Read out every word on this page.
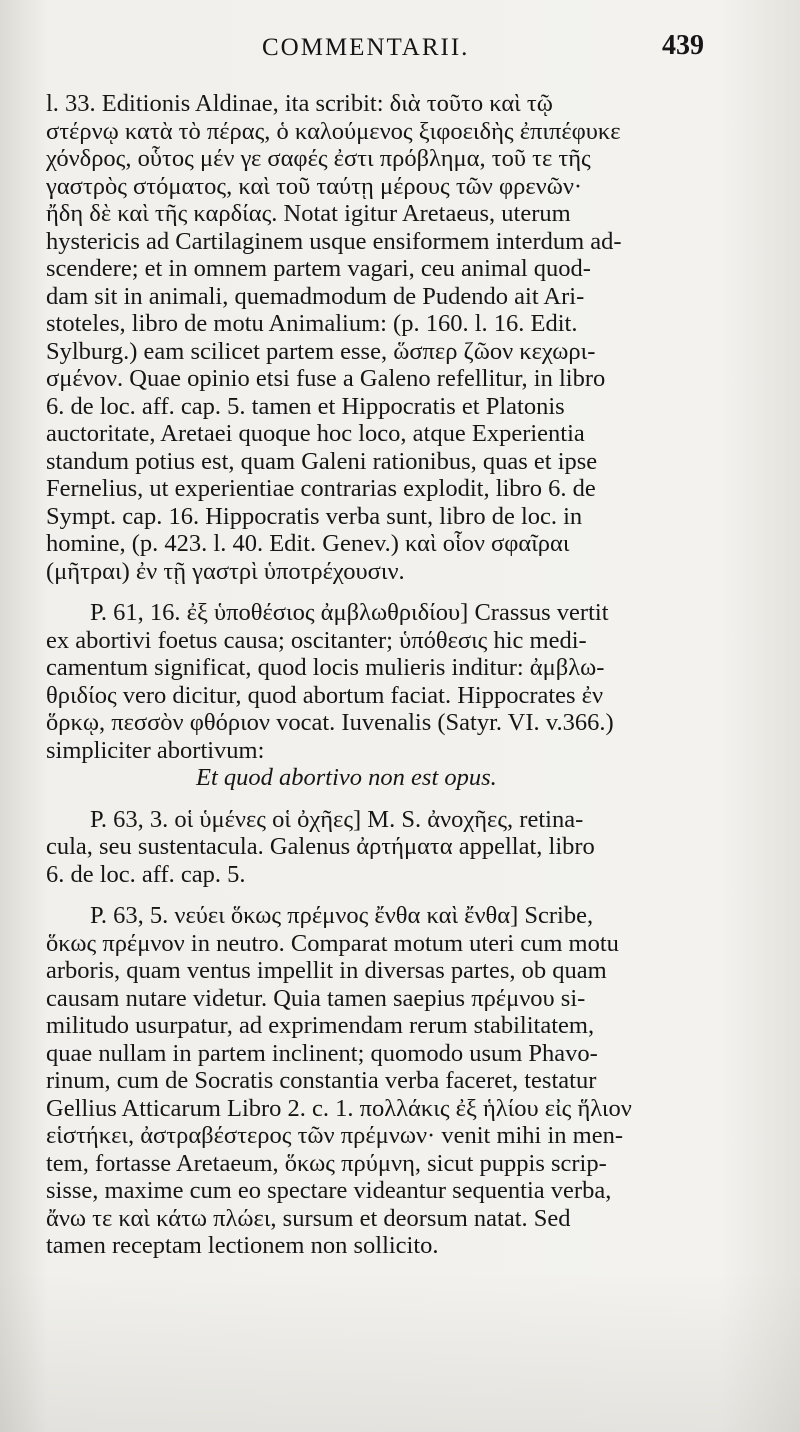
COMMENTARII.	439
l. 33. Editionis Aldinae, ita scribit: διὰ τοῦτο καὶ τῷ
στέρνῳ κατὰ τὸ πέρας, ὁ καλούμενος ξιφοειδὴς ἐπιπέφυκε
χόνδρος, οὗτος μέν γε σαφές ἐστι πρόβλημα, τοῦ τε τῆς
γαστρὸς στόματος, καὶ τοῦ ταύτῃ μέρους τῶν φρενῶν·
ἤδη δὲ καὶ τῆς καρδίας. Notat igitur Aretaeus, uterum
hystericis ad Cartilaginem usque ensiformem interdum ad-
scendere; et in omnem partem vagari, ceu animal quod-
dam sit in animali, quemadmodum de Pudendo ait Ari-
stoteles, libro de motu Animalium: (p. 160. l. 16. Edit.
Sylburg.) eam scilicet partem esse, ὥσπερ ζῶον κεχωρι-
σμένον. Quae opinio etsi fuse a Galeno refellitur, in libro
6. de loc. aff. cap. 5. tamen et Hippocratis et Platonis
auctoritate, Aretaei quoque hoc loco, atque Experientia
standum potius est, quam Galeni rationibus, quas et ipse
Fernelius, ut experientiae contrarias explodit, libro 6. de
Sympt. cap. 16. Hippocratis verba sunt, libro de loc. in
homine, (p. 423. l. 40. Edit. Genev.) καὶ οἷον σφαῖραι
(μῆτραι) ἐν τῇ γαστρὶ ὑποτρέχουσιν.
P. 61, 16. ἐξ ὑποθέσιος ἀμβλωθριδίου] Crassus vertit
ex abortivi foetus causa; oscitanter; ὑπόθεσις hic medi-
camentum significat, quod locis mulieris inditur: ἀμβλω-
θριδίος vero dicitur, quod abortum faciat. Hippocrates ἐν
ὅρκῳ, πεσσὸν φθόριον vocat. Iuvenalis (Satyr. VI. v.366.)
simpliciter abortivum:
Et quod abortivo non est opus.
P. 63, 3. οἱ ὑμένες οἱ ὀχῆες] M. S. ἀνοχῆες, retina-
cula, seu sustentacula. Galenus ἀρτήματα appellat, libro
6. de loc. aff. cap. 5.
P. 63, 5. νεύει ὅκως πρέμνος ἔνθα καὶ ἔνθα] Scribe,
ὅκως πρέμνον in neutro. Comparat motum uteri cum motu
arboris, quam ventus impellit in diversas partes, ob quam
causam nutare videtur. Quia tamen saepius πρέμνου si-
militudo usurpatur, ad exprimendam rerum stabilitatem,
quae nullam in partem inclinent; quomodo usum Phavo-
rinum, cum de Socratis constantia verba faceret, testatur
Gellius Atticarum Libro 2. c. 1. πολλάκις ἐξ ἡλίου εἰς ἥλιον
εἱστήκει, ἀστραβέστερος τῶν πρέμνων· venit mihi in men-
tem, fortasse Aretaeum, ὅκως πρύμνη, sicut puppis scrip-
sisse, maxime cum eo spectare videantur sequentia verba,
ἄνω τε καὶ κάτω πλώει, sursum et deorsum natat. Sed
tamen receptam lectionem non sollicito.
